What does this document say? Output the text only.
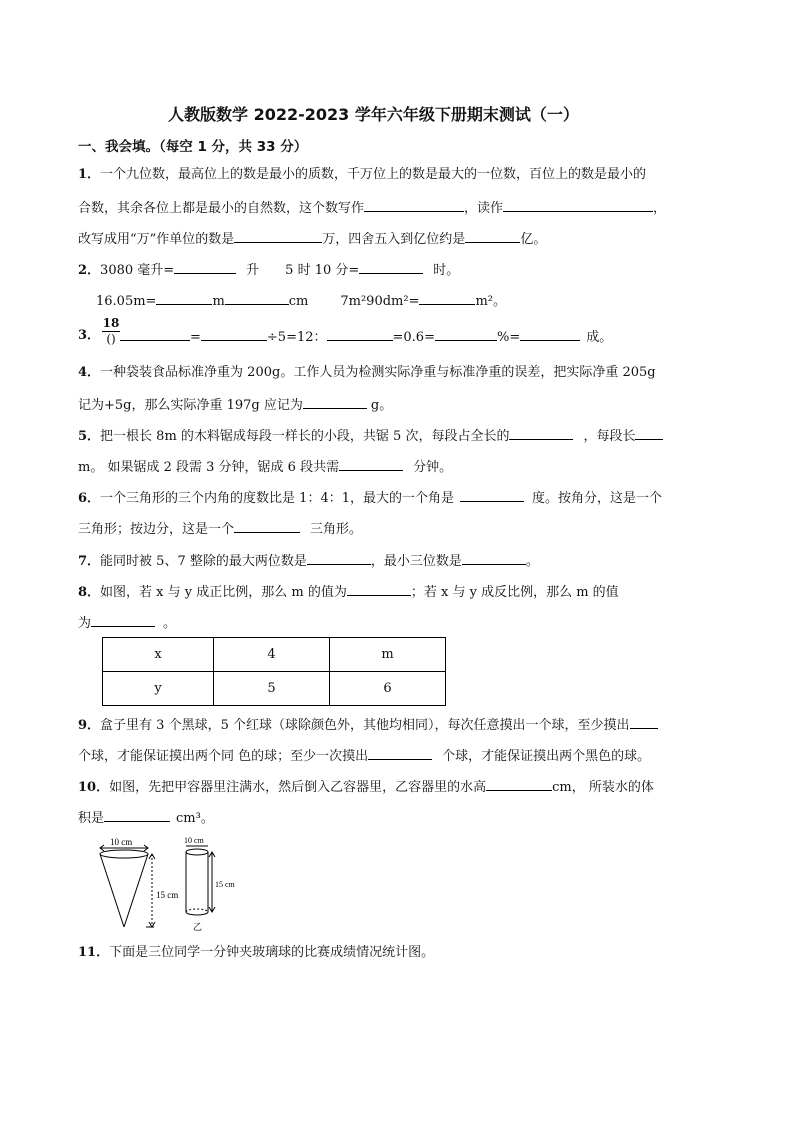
人教版数学 2022-2023 学年六年级下册期末测试（一）
一、我会填。（每空 1 分，共 33 分）
1．一个九位数，最高位上的数是最小的质数，千万位上的数是最大的一位数，百位上的数是最小的
合数，其余各位上都是最小的自然数，这个数写作	，读作	，
改写成用“万”作单位的数是	万，四舍五入到亿位约是	亿。
2．3080 毫升=	升 5 时 10 分=	时。
16.05m=	m	cm 7m²90dm²=	m²。
3．
18
()	=	÷5=12：	=0.6=	%=	成。
4．一种袋装食品标准净重为 200g。工作人员为检测实际净重与标准净重的误差，把实际净重 205g
记为+5g，那么实际净重 197g 应记为	g。
5．把一根长 8m 的木料锯成每段一样长的小段，共锯 5 次，每段占全长的	，每段长
m。 如果锯成 2 段需 3 分钟，锯成 6 段共需	分钟。
6．一个三角形的三个内角的度数比是 1：4：1，最大的一个角是	度。按角分，这是一个
三角形；按边分，这是一个	三角形。
7．能同时被 5、7 整除的最大两位数是	，最小三位数是	。
8．如图，若 x 与 y 成正比例，那么 m 的值为	；若 x 与 y 成反比例，那么 m 的值
为	。
x	4	m
y	5	6
9．盒子里有 3 个黑球，5 个红球（球除颜色外，其他均相同），每次任意摸出一个球，至少摸出
个球，才能保证摸出两个同 色的球；至少一次摸出	个球，才能保证摸出两个黑色的球。
10．如图，先把甲容器里注满水，然后倒入乙容器里，乙容器里的水高	cm， 所装水的体
积是	cm³。
10 cm
15 cm
10 cm
15 cm
乙
11．下面是三位同学一分钟夹玻璃球的比赛成绩情况统计图。
